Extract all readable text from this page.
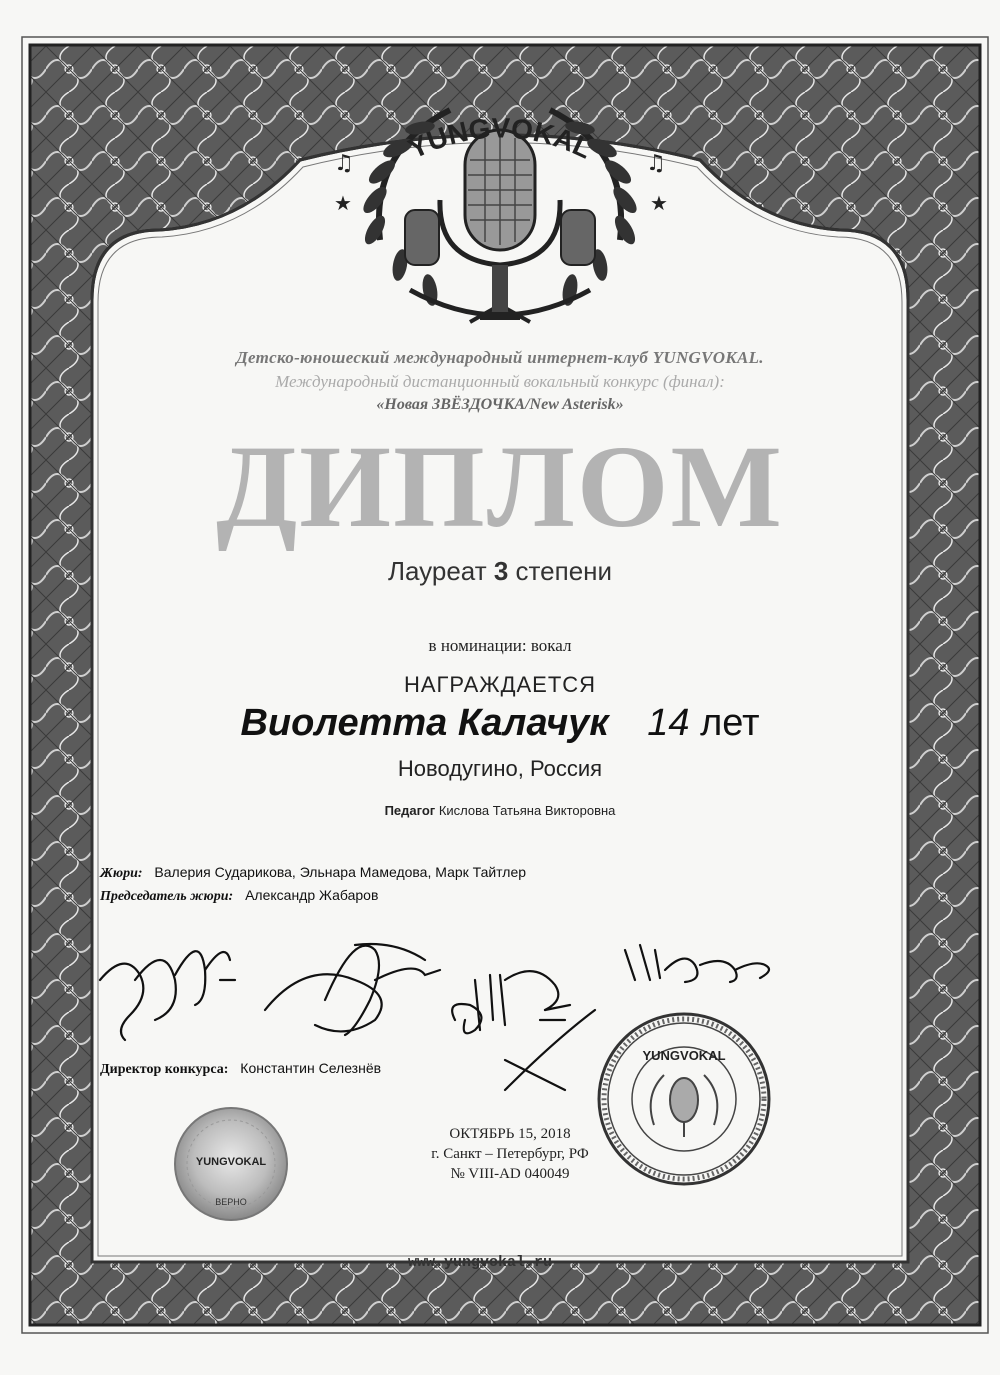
★	★
♫	♫
YUNGVOKAL
Детско-юношеский международный интернет-клуб YUNGVOKAL.
Международный дистанционный вокальный конкурс (финал):
«Новая ЗВЁЗДОЧКА/New Asterisk»
ДИПЛОМ
Лауреат 3 степени
в номинации: вокал
НАГРАЖДАЕТСЯ
Виолетта Калачук 14 лет
Новодугино, Россия
Педагог Кислова Татьяна Викторовна
Жюри: Валерия Сударикова, Эльнара Мамедова, Марк Тайтлер
Председатель жюри: Александр Жабаров
Директор конкурса: Константин Селезнёв
ОКТЯБРЬ 15, 2018
г. Санкт – Петербург, РФ
№ VIII-AD 040049
YUNGVOKAL
ВЕРНО
YUNGVOKAL
www.yungvokal.ru
